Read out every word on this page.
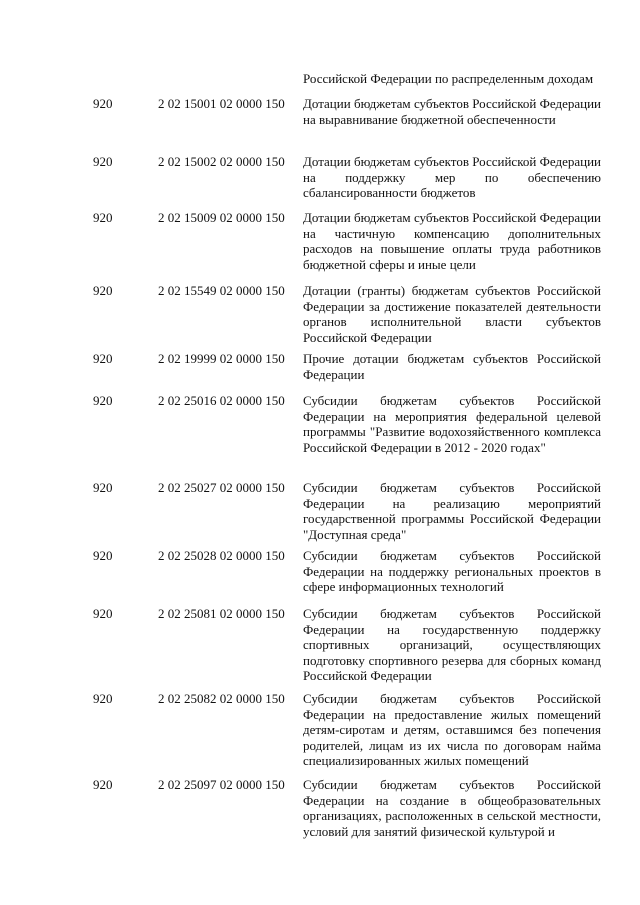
Российской Федерации по распределенным доходам
920	2 02 15001 02 0000 150 Дотации бюджетам субъектов Российской Федерации на выравнивание бюджетной обеспеченности
920	2 02 15002 02 0000 150 Дотации бюджетам субъектов Российской Федерации на поддержку мер по обеспечению сбалансированности бюджетов
920	2 02 15009 02 0000 150 Дотации бюджетам субъектов Российской Федерации на частичную компенсацию дополнительных расходов на повышение оплаты труда работников бюджетной сферы и иные цели
920	2 02 15549 02 0000 150 Дотации (гранты) бюджетам субъектов Российской Федерации за достижение показателей деятельности органов исполнительной власти субъектов Российской Федерации
920	2 02 19999 02 0000 150 Прочие дотации бюджетам субъектов Российской Федерации
920	2 02 25016 02 0000 150 Субсидии бюджетам субъектов Российской Федерации на мероприятия федеральной целевой программы "Развитие водохозяйственного комплекса Российской Федерации в 2012 - 2020 годах"
920	2 02 25027 02 0000 150 Субсидии бюджетам субъектов Российской Федерации на реализацию мероприятий государственной программы Российской Федерации "Доступная среда"
920	2 02 25028 02 0000 150 Субсидии бюджетам субъектов Российской Федерации на поддержку региональных проектов в сфере информационных технологий
920	2 02 25081 02 0000 150 Субсидии бюджетам субъектов Российской Федерации на государственную поддержку спортивных организаций, осуществляющих подготовку спортивного резерва для сборных команд Российской Федерации
920	2 02 25082 02 0000 150 Субсидии бюджетам субъектов Российской Федерации на предоставление жилых помещений детям-сиротам и детям, оставшимся без попечения родителей, лицам из их числа по договорам найма специализированных жилых помещений
920	2 02 25097 02 0000 150 Субсидии бюджетам субъектов Российской Федерации на создание в общеобразовательных организациях, расположенных в сельской местности, условий для занятий физической культурой и
